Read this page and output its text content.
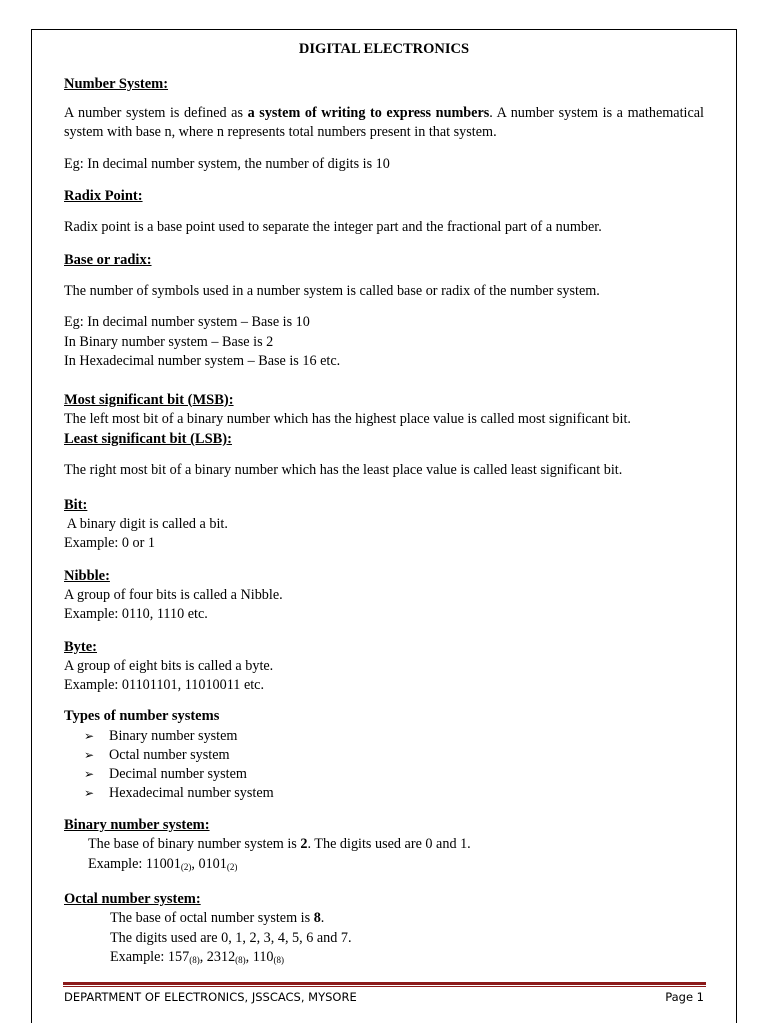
DIGITAL ELECTRONICS
Number System:

A number system is defined as a system of writing to express numbers. A number system is a mathematical system with base n, where n represents total numbers present in that system.

Eg: In decimal number system, the number of digits is 10

Radix Point:

Radix point is a base point used to separate the integer part and the fractional part of a number.

Base or radix:

The number of symbols used in a number system is called base or radix of the number system.

Eg: In decimal number system – Base is 10

In Binary number system – Base is 2

In Hexadecimal number system – Base is 16 etc.

Most significant bit (MSB):

The left most bit of a binary number which has the highest place value is called most significant bit.

Least significant bit (LSB):

The right most bit of a binary number which has the least place value is called least significant bit.

Bit:

A binary digit is called a bit.

Example: 0 or 1

Nibble:

A group of four bits is called a Nibble.

Example: 0110, 1110 etc.

Byte:

A group of eight bits is called a byte.

Example: 01101101, 11010011 etc.

Types of number systems
➢ Binary number system
➢ Octal number system
➢ Decimal number system
➢ Hexadecimal number system
Binary number system:

The base of binary number system is 2. The digits used are 0 and 1.

Example: $11001_{(2)}$, $0101_{(2)}$

Octal number system:

The base of octal number system is 8.

The digits used are 0, 1, 2, 3, 4, 5, 6 and 7.

Example: $157_{(8)}$, $2312_{(8)}$, $110_{(8)}$

DEPARTMENT OF ELECTRONICS, JSSCACS, MYSORE	Page 1
